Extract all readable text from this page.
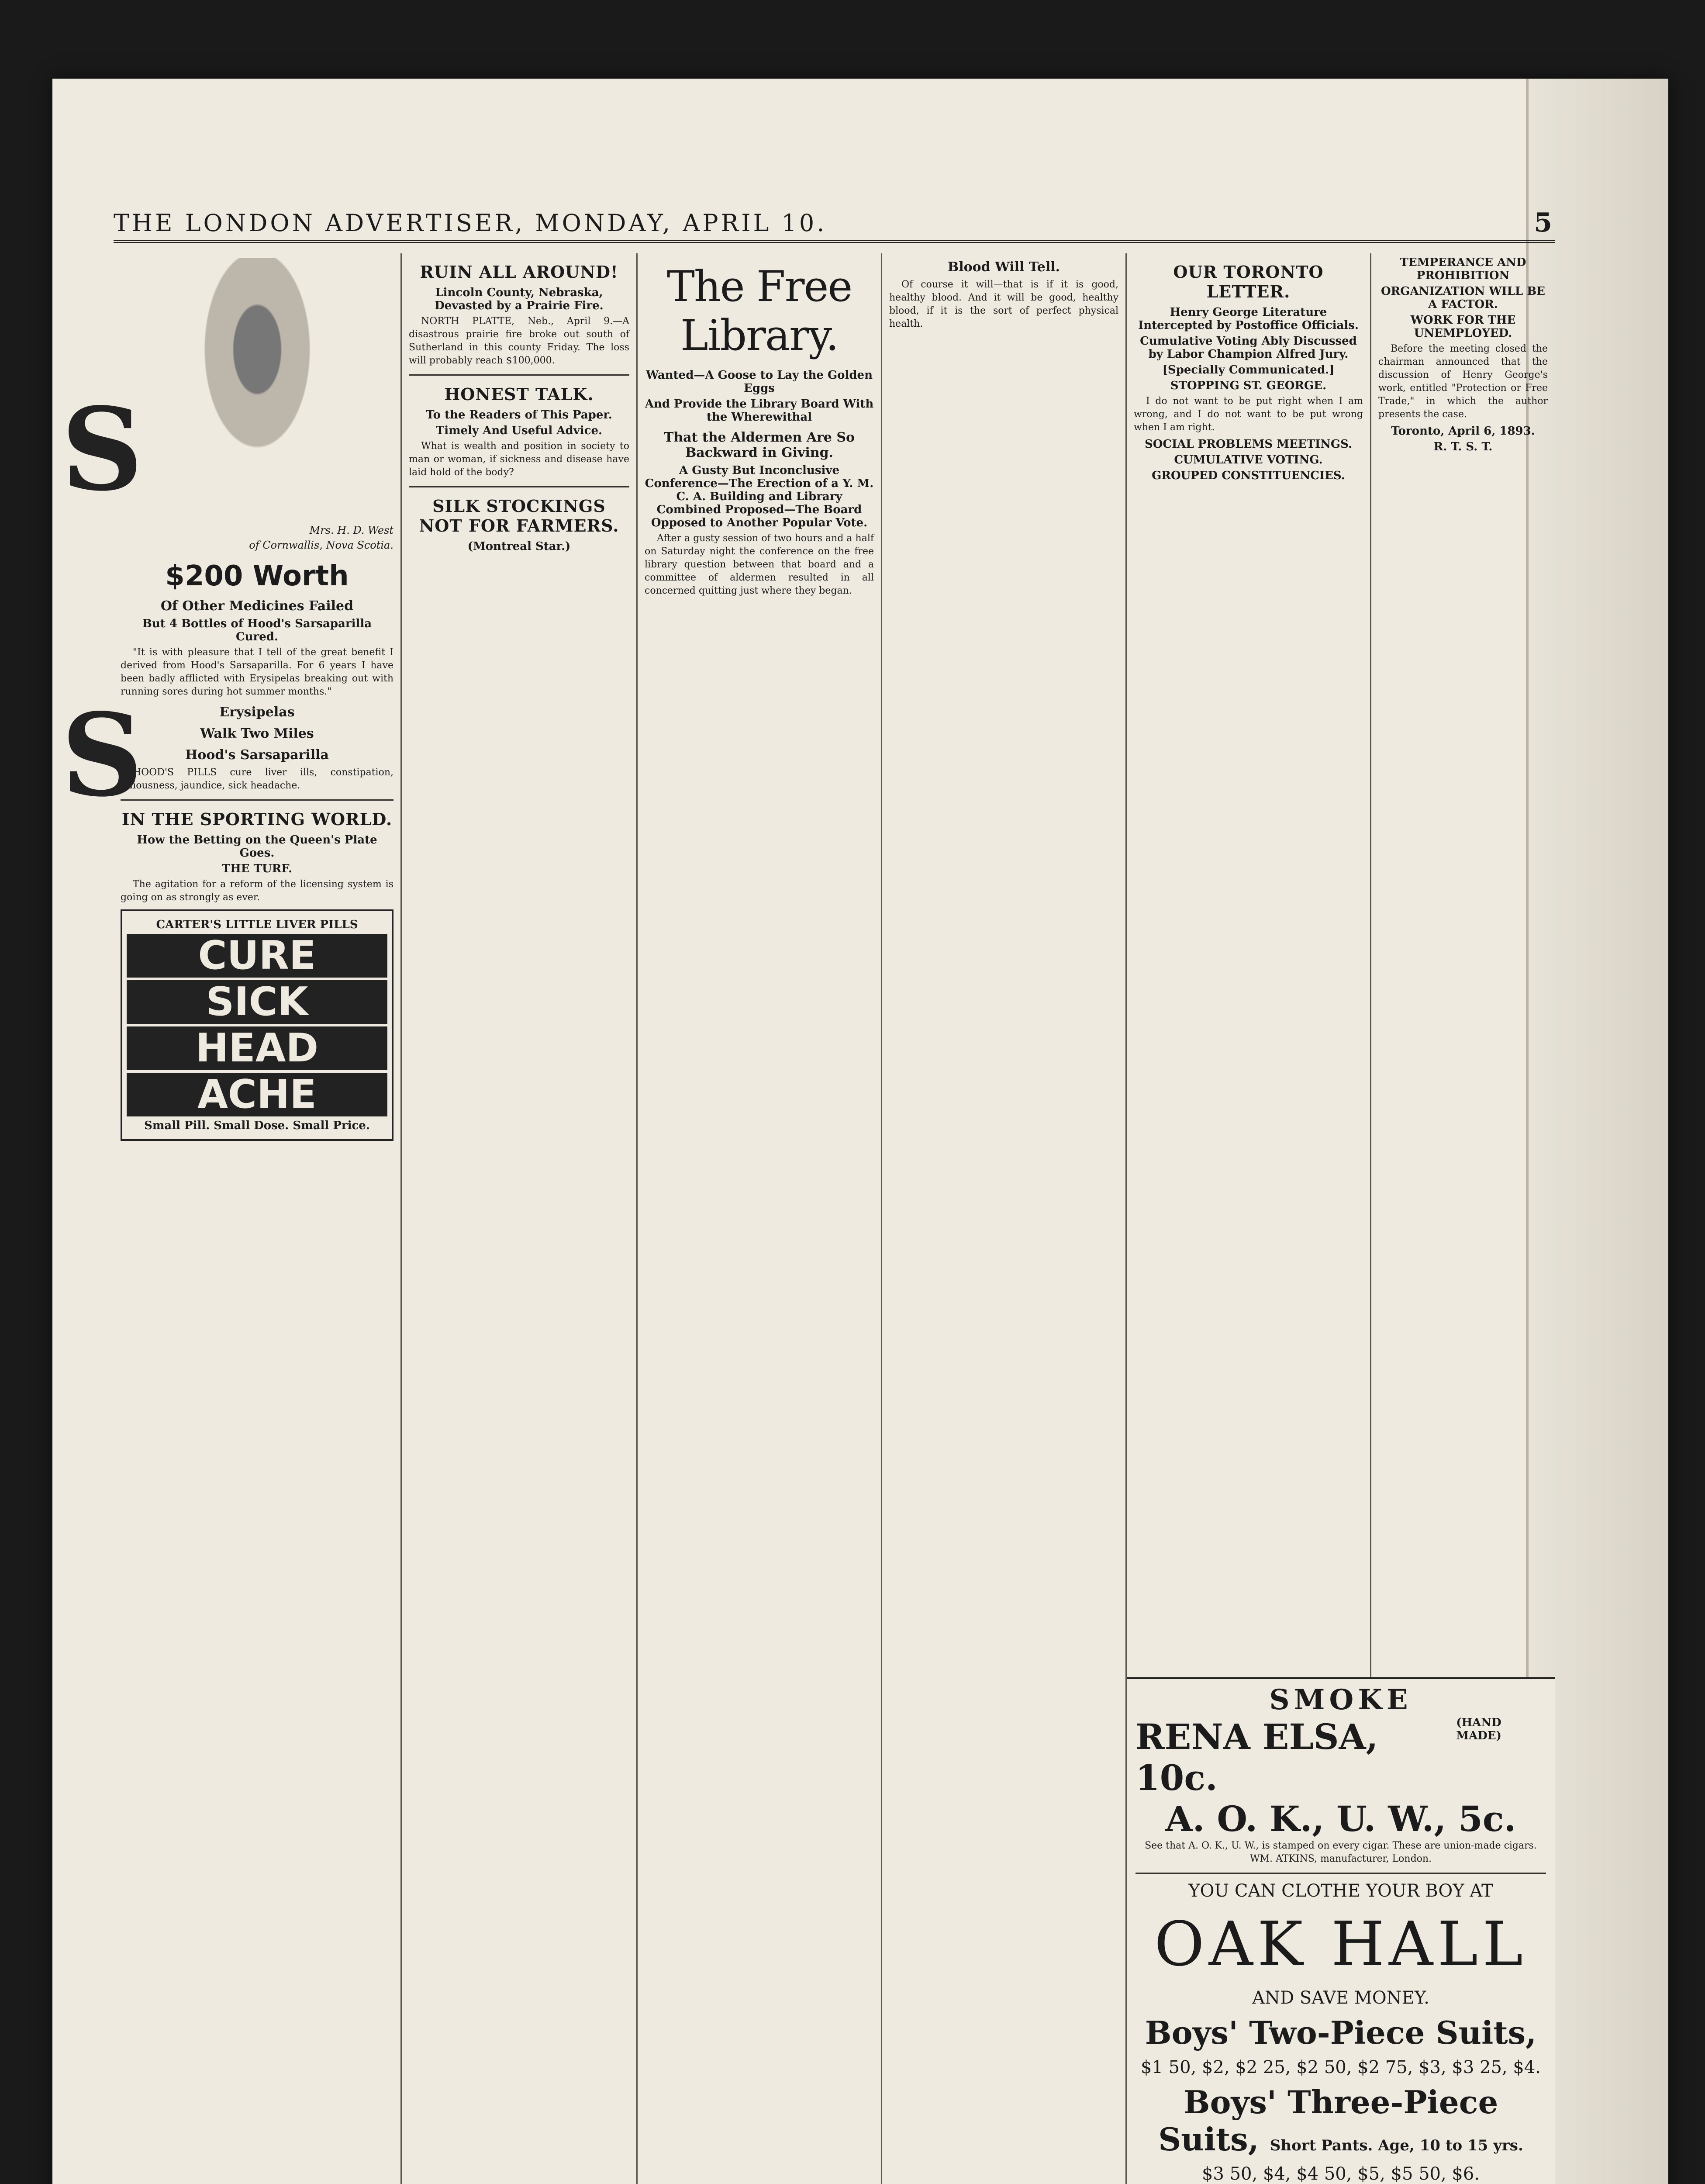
THE LONDON ADVERTISER, MONDAY, APRIL 10.	5
Mrs. H. D. West
of Cornwallis, Nova Scotia.
$200 Worth
Of Other Medicines Failed
But 4 Bottles of Hood's Sarsaparilla Cured.

"It is with pleasure that I tell of the great benefit I derived from Hood's Sarsaparilla. For 6 years I have been badly afflicted with Erysipelas breaking out with running sores during hot summer months."

Erysipelas
Walk Two Miles
Hood's Sarsaparilla

HOOD'S PILLS cure liver ills, constipation, biliousness, jaundice, sick headache.

IN THE SPORTING WORLD.
How the Betting on the Queen's Plate Goes.
THE TURF.

The agitation for a reform of the licensing system is going on as strongly as ever.

CARTER'S LITTLE LIVER PILLS
CURE
SICK
HEAD
ACHE
Small Pill. Small Dose. Small Price.
RUIN ALL AROUND!
Lincoln County, Nebraska, Devasted by a Prairie Fire.

NORTH PLATTE, Neb., April 9.—A disastrous prairie fire broke out south of Sutherland in this county Friday. The loss will probably reach $100,000.

HONEST TALK.
To the Readers of This Paper.
Timely And Useful Advice.

What is wealth and position in society to man or woman, if sickness and disease have laid hold of the body?

SILK STOCKINGS NOT FOR FARMERS.
(Montreal Star.)
The Free Library.
Wanted—A Goose to Lay the Golden Eggs
And Provide the Library Board With the Wherewithal
That the Aldermen Are So Backward in Giving.
A Gusty But Inconclusive Conference—The Erection of a Y. M. C. A. Building and Library Combined Proposed—The Board Opposed to Another Popular Vote.

After a gusty session of two hours and a half on Saturday night the conference on the free library question between that board and a committee of aldermen resulted in all concerned quitting just where they began.

Blood Will Tell.

Of course it will—that is if it is good, healthy blood. And it will be good, healthy blood, if it is the sort of perfect physical health.

OUR TORONTO LETTER.
Henry George Literature Intercepted by Postoffice Officials.
Cumulative Voting Ably Discussed by Labor Champion Alfred Jury.
[Specially Communicated.]
STOPPING ST. GEORGE.

I do not want to be put right when I am wrong, and I do not want to be put wrong when I am right.

SOCIAL PROBLEMS MEETINGS.
CUMULATIVE VOTING.
GROUPED CONSTITUENCIES.
TEMPERANCE AND PROHIBITION
ORGANIZATION WILL BE A FACTOR.
WORK FOR THE UNEMPLOYED.

Before the meeting closed the chairman announced that the discussion of Henry George's work, entitled "Protection or Free Trade," in which the author presents the case.

Toronto, April 6, 1893.
R. T. S. T.
SMOKE
RENA ELSA, 10c.
(HAND MADE)
A. O. K., U. W., 5c.

See that A. O. K., U. W., is stamped on every cigar. These are union-made cigars. WM. ATKINS, manufacturer, London.

YOU CAN CLOTHE YOUR BOY AT
OAK HALL
AND SAVE MONEY.
Boys' Two-Piece Suits,
$1 50, $2, $2 25, $2 50, $2 75, $3, $3 25, $4.
Boys' Three-Piece Suits, Short Pants. Age, 10 to 15 yrs.
$3 50, $4, $4 50, $5, $5 50, $6.
S
S
